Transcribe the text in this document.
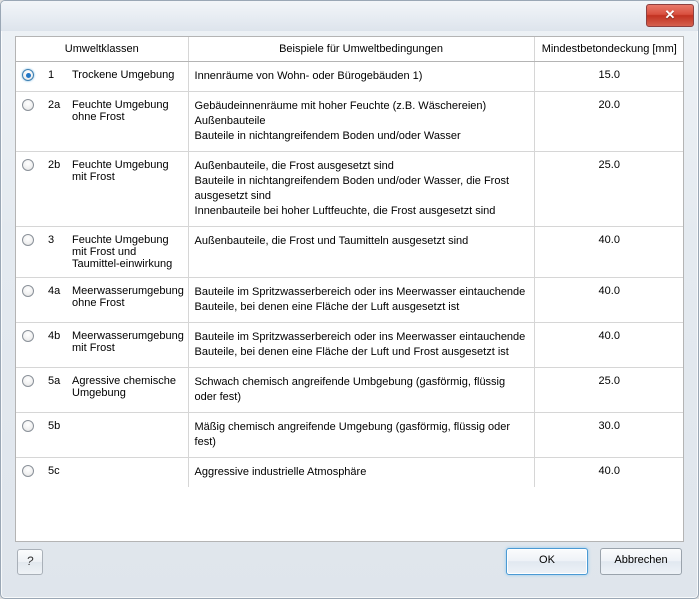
✕
Umweltklassen			Beispiele für Umweltbedingungen	Mindestbetondeckung [mm]
	1	Trockene Umgebung	Innenräume von Wohn- oder Bürogebäuden 1)	15.0
	2a	Feuchte Umgebung ohne Frost	Gebäudeinnenräume mit hoher Feuchte (z.B. Wäschereien)
Außenbauteile
Bauteile in nichtangreifendem Boden und/oder Wasser	20.0
	2b	Feuchte Umgebung mit Frost	Außenbauteile, die Frost ausgesetzt sind
Bauteile in nichtangreifendem Boden und/oder Wasser, die Frost ausgesetzt sind
Innenbauteile bei hoher Luftfeuchte, die Frost ausgesetzt sind	25.0
	3	Feuchte Umgebung mit Frost und Taumittel-einwirkung	Außenbauteile, die Frost und Taumitteln ausgesetzt sind	40.0
	4a	Meerwasserumgebung ohne Frost	Bauteile im Spritzwasserbereich oder ins Meerwasser eintauchende
Bauteile, bei denen eine Fläche der Luft ausgesetzt ist	40.0
	4b	Meerwasserumgebung mit Frost	Bauteile im Spritzwasserbereich oder ins Meerwasser eintauchende
Bauteile, bei denen eine Fläche der Luft und Frost ausgesetzt ist	40.0
	5a	Agressive chemische Umgebung	Schwach chemisch angreifende Umbgebung (gasförmig, flüssig oder fest)	25.0
	5b		Mäßig chemisch angreifende Umgebung (gasförmig, flüssig oder fest)	30.0
	5c		Aggressive industrielle Atmosphäre	40.0
?	OK	Abbrechen
